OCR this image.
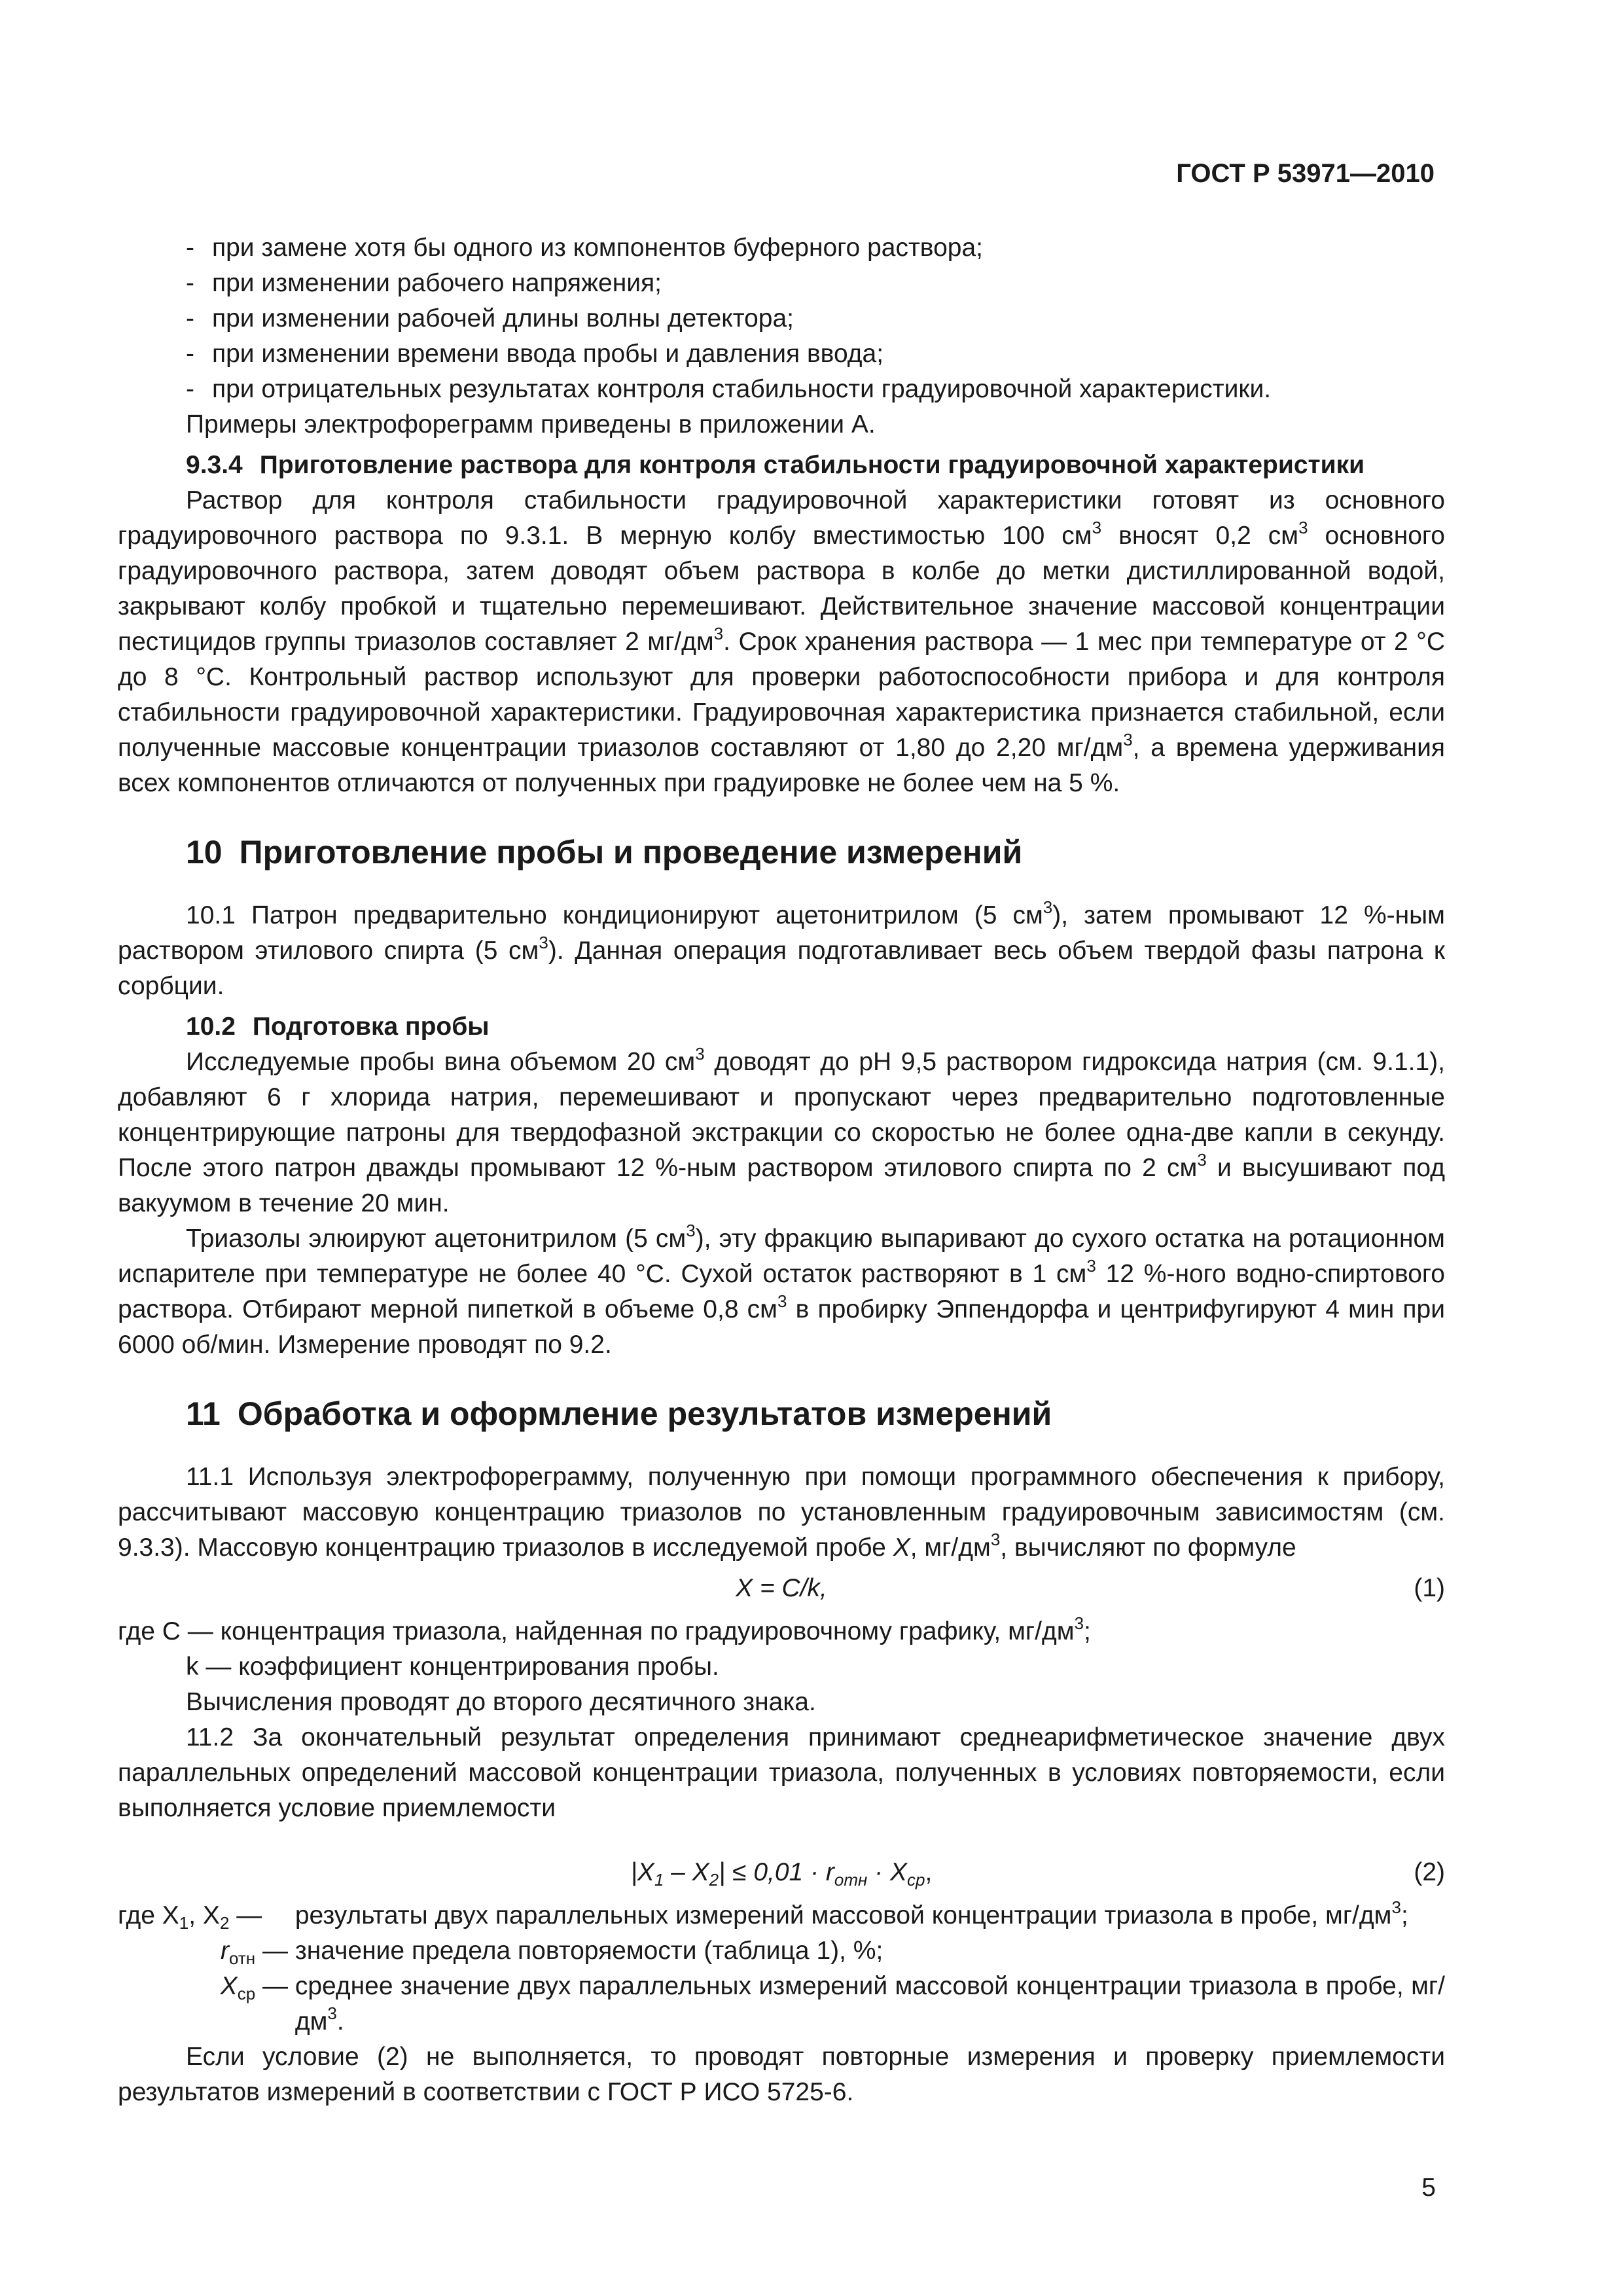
ГОСТ Р 53971—2010

- при замене хотя бы одного из компонентов буферного раствора;

- при изменении рабочего напряжения;

- при изменении рабочей длины волны детектора;

- при изменении времени ввода пробы и давления ввода;

- при отрицательных результатах контроля стабильности градуировочной характеристики.

Примеры электрофореграмм приведены в приложении А.

9.3.4 Приготовление раствора для контроля стабильности градуировочной характеристики

Раствор для контроля стабильности градуировочной характеристики готовят из основного градуировочного раствора по 9.3.1. В мерную колбу вместимостью 100 $см^3$ вносят 0,2 $см^3$ основного градуировочного раствора, затем доводят объем раствора в колбе до метки дистиллированной водой, закрывают колбу пробкой и тщательно перемешивают. Действительное значение массовой концентрации пестицидов группы триазолов составляет 2 $мг/дм^3$. Срок хранения раствора — 1 мес при температуре от 2 °С до 8 °С. Контрольный раствор используют для проверки работоспособности прибора и для контроля стабильности градуировочной характеристики. Градуировочная характеристика признается стабильной, если полученные массовые концентрации триазолов составляют от 1,80 до 2,20 $мг/дм^3$, а времена удерживания всех компонентов отличаются от полученных при градуировке не более чем на 5 %.

10 Приготовление пробы и проведение измерений

10.1 Патрон предварительно кондиционируют ацетонитрилом (5 $см^3$), затем промывают 12 %-ным раствором этилового спирта (5 $см^3$). Данная операция подготавливает весь объем твердой фазы патрона к сорбции.

10.2 Подготовка пробы

Исследуемые пробы вина объемом 20 $см^3$ доводят до рН 9,5 раствором гидроксида натрия (см. 9.1.1), добавляют 6 г хлорида натрия, перемешивают и пропускают через предварительно подготовленные концентрирующие патроны для твердофазной экстракции со скоростью не более одна-две капли в секунду. После этого патрон дважды промывают 12 %-ным раствором этилового спирта по 2 $см^3$ и высушивают под вакуумом в течение 20 мин.

Триазолы элюируют ацетонитрилом (5 $см^3$), эту фракцию выпаривают до сухого остатка на ротационном испарителе при температуре не более 40 °С. Сухой остаток растворяют в 1 $см^3$ 12 %-ного водно-спиртового раствора. Отбирают мерной пипеткой в объеме 0,8 $см^3$ в пробирку Эппендорфа и центрифугируют 4 мин при 6000 об/мин. Измерение проводят по 9.2.

11 Обработка и оформление результатов измерений

11.1 Используя электрофореграмму, полученную при помощи программного обеспечения к прибору, рассчитывают массовую концентрацию триазолов по установленным градуировочным зависимостям (см. 9.3.3). Массовую концентрацию триазолов в исследуемой пробе X, $мг/дм^3$, вычисляют по формуле

X = C/k,	(1)
где C —
концентрация триазола, найденная по градуировочному графику, $мг/дм^3$;
k —
коэффициент концентрирования пробы.

Вычисления проводят до второго десятичного знака.

11.2 За окончательный результат определения принимают среднеарифметическое значение двух параллельных определений массовой концентрации триазола, полученных в условиях повторяемости, если выполняется условие приемлемости

$|X_1 - X_2| \le 0,01 \cdot r_{отн} \cdot X_{ср}$,	(2)
где $X_1$, $X_2$ —
	результаты двух параллельных измерений массовой концентрации триазола в пробе, $мг/дм^3$;
$r_{отн}$ —
значение предела повторяемости (таблица 1), %;
$X_{ср}$ —
среднее значение двух параллельных измерений массовой концентрации триазола в пробе, $мг/дм^3$.

Если условие (2) не выполняется, то проводят повторные измерения и проверку приемлемости результатов измерений в соответствии с ГОСТ Р ИСО 5725-6.

5
